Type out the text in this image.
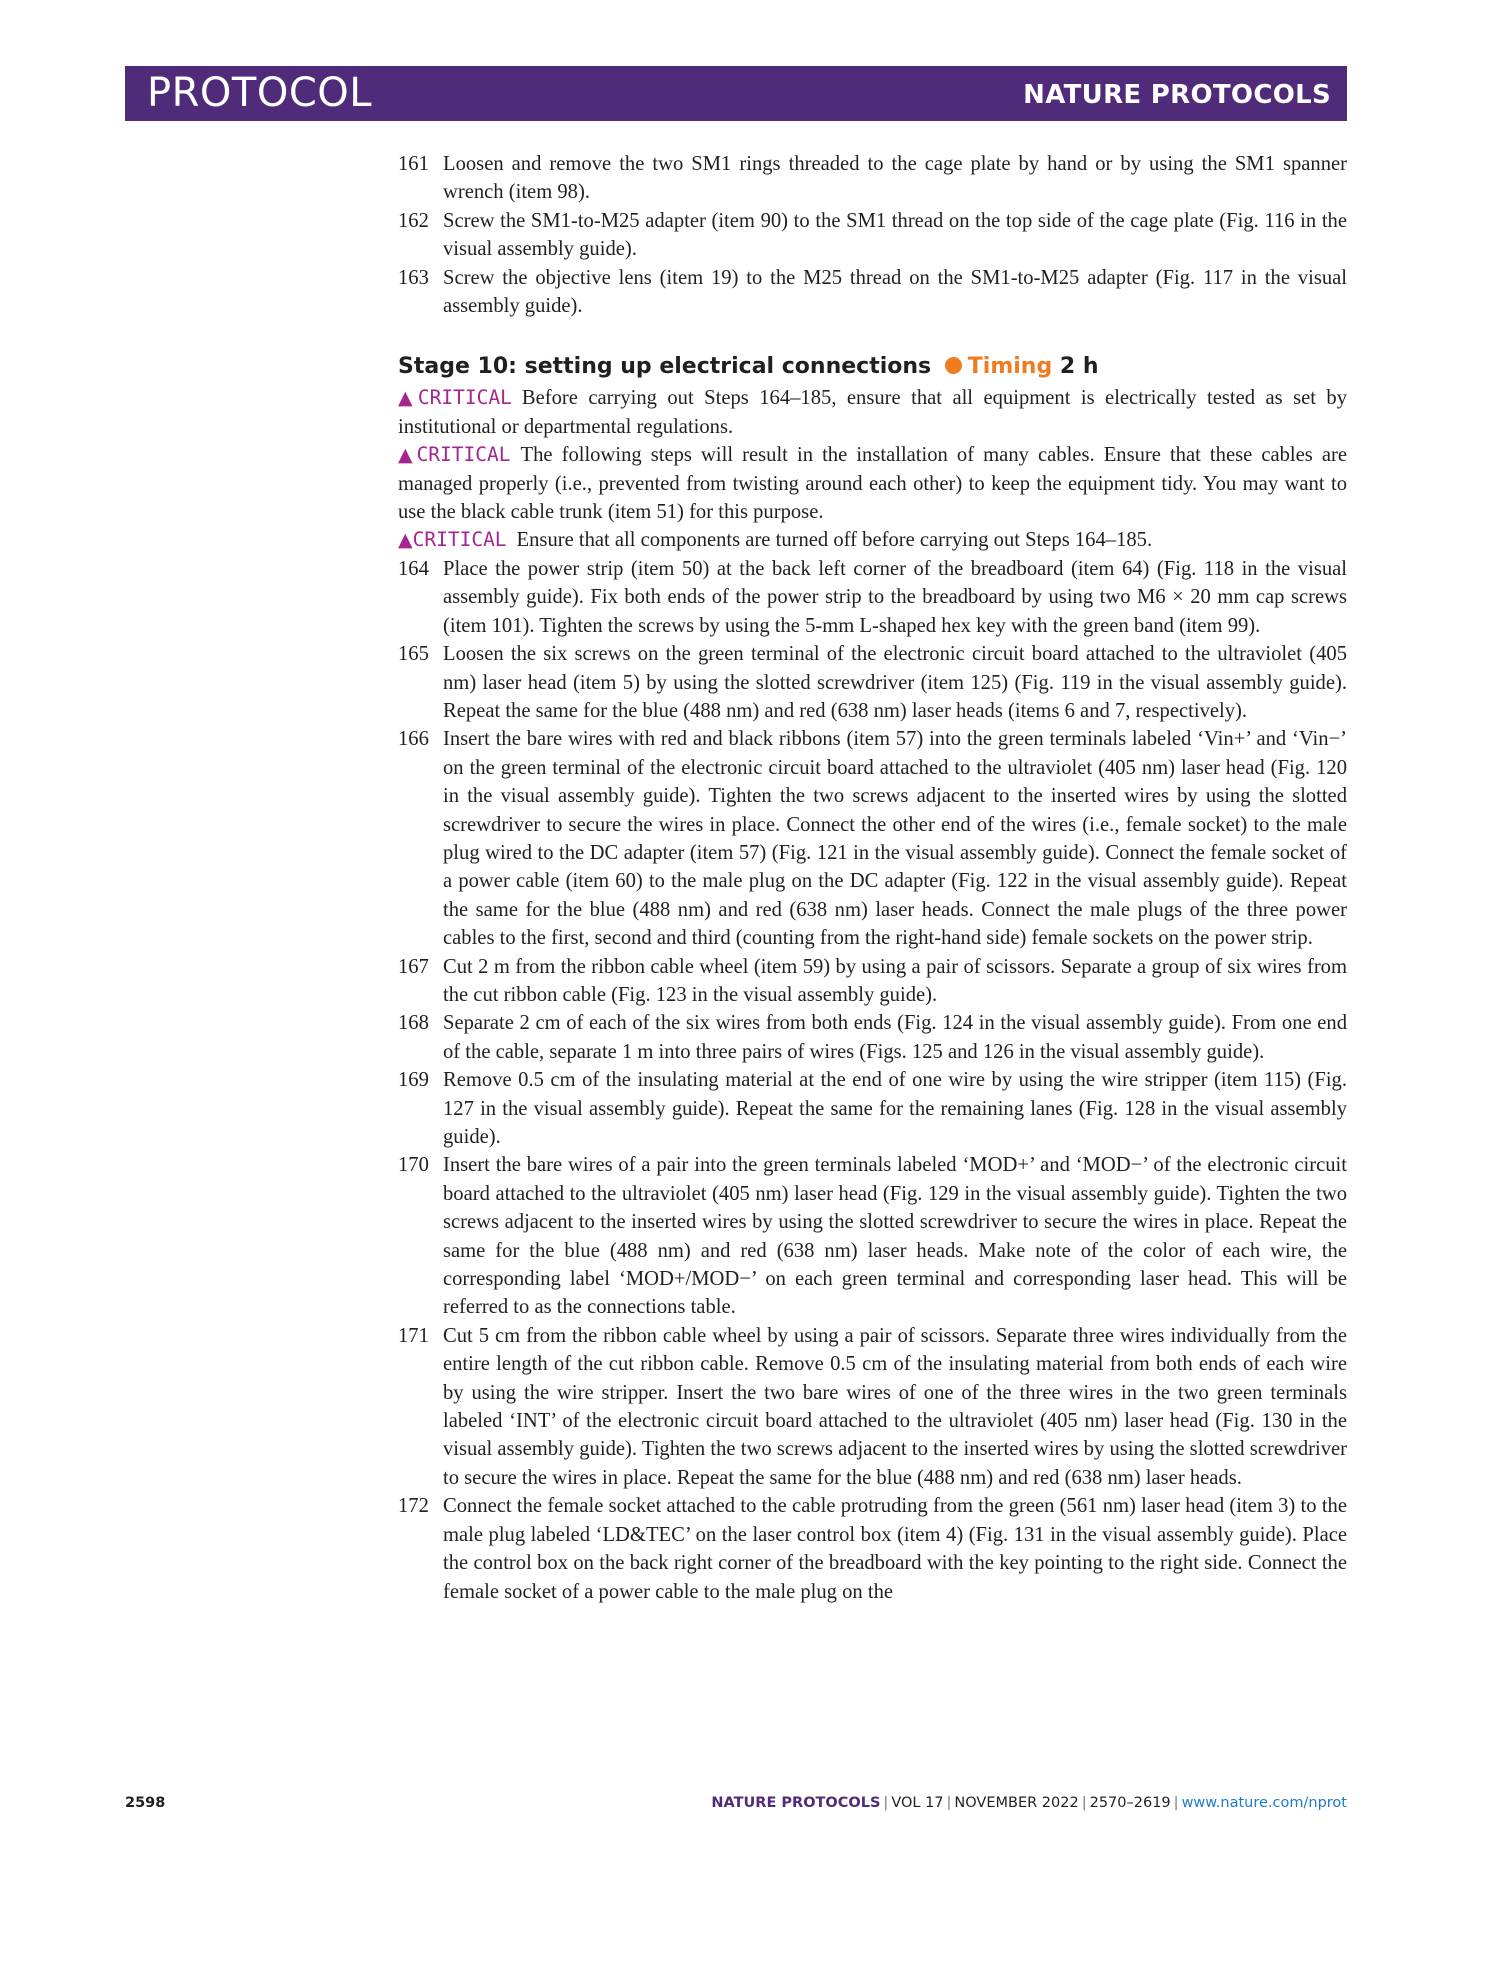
PROTOCOL	NATURE PROTOCOLS
161 Loosen and remove the two SM1 rings threaded to the cage plate by hand or by using the SM1 spanner wrench (item 98).
162 Screw the SM1-to-M25 adapter (item 90) to the SM1 thread on the top side of the cage plate (Fig. 116 in the visual assembly guide).
163 Screw the objective lens (item 19) to the M25 thread on the SM1-to-M25 adapter (Fig. 117 in the visual assembly guide).
Stage 10: setting up electrical connections Timing 2 h
▲CRITICAL Before carrying out Steps 164–185, ensure that all equipment is electrically tested as set by institutional or departmental regulations.
▲CRITICAL The following steps will result in the installation of many cables. Ensure that these cables are managed properly (i.e., prevented from twisting around each other) to keep the equipment tidy. You may want to use the black cable trunk (item 51) for this purpose.
▲CRITICAL Ensure that all components are turned off before carrying out Steps 164–185.
164 Place the power strip (item 50) at the back left corner of the breadboard (item 64) (Fig. 118 in the visual assembly guide). Fix both ends of the power strip to the breadboard by using two M6 × 20 mm cap screws (item 101). Tighten the screws by using the 5-mm L-shaped hex key with the green band (item 99).
165 Loosen the six screws on the green terminal of the electronic circuit board attached to the ultraviolet (405 nm) laser head (item 5) by using the slotted screwdriver (item 125) (Fig. 119 in the visual assembly guide). Repeat the same for the blue (488 nm) and red (638 nm) laser heads (items 6 and 7, respectively).
166 Insert the bare wires with red and black ribbons (item 57) into the green terminals labeled ‘Vin+’ and ‘Vin−’ on the green terminal of the electronic circuit board attached to the ultraviolet (405 nm) laser head (Fig. 120 in the visual assembly guide). Tighten the two screws adjacent to the inserted wires by using the slotted screwdriver to secure the wires in place. Connect the other end of the wires (i.e., female socket) to the male plug wired to the DC adapter (item 57) (Fig. 121 in the visual assembly guide). Connect the female socket of a power cable (item 60) to the male plug on the DC adapter (Fig. 122 in the visual assembly guide). Repeat the same for the blue (488 nm) and red (638 nm) laser heads. Connect the male plugs of the three power cables to the first, second and third (counting from the right-hand side) female sockets on the power strip.
167 Cut 2 m from the ribbon cable wheel (item 59) by using a pair of scissors. Separate a group of six wires from the cut ribbon cable (Fig. 123 in the visual assembly guide).
168 Separate 2 cm of each of the six wires from both ends (Fig. 124 in the visual assembly guide). From one end of the cable, separate 1 m into three pairs of wires (Figs. 125 and 126 in the visual assembly guide).
169 Remove 0.5 cm of the insulating material at the end of one wire by using the wire stripper (item 115) (Fig. 127 in the visual assembly guide). Repeat the same for the remaining lanes (Fig. 128 in the visual assembly guide).
170 Insert the bare wires of a pair into the green terminals labeled ‘MOD+’ and ‘MOD−’ of the electronic circuit board attached to the ultraviolet (405 nm) laser head (Fig. 129 in the visual assembly guide). Tighten the two screws adjacent to the inserted wires by using the slotted screwdriver to secure the wires in place. Repeat the same for the blue (488 nm) and red (638 nm) laser heads. Make note of the color of each wire, the corresponding label ‘MOD+/MOD−’ on each green terminal and corresponding laser head. This will be referred to as the connections table.
171 Cut 5 cm from the ribbon cable wheel by using a pair of scissors. Separate three wires individually from the entire length of the cut ribbon cable. Remove 0.5 cm of the insulating material from both ends of each wire by using the wire stripper. Insert the two bare wires of one of the three wires in the two green terminals labeled ‘INT’ of the electronic circuit board attached to the ultraviolet (405 nm) laser head (Fig. 130 in the visual assembly guide). Tighten the two screws adjacent to the inserted wires by using the slotted screwdriver to secure the wires in place. Repeat the same for the blue (488 nm) and red (638 nm) laser heads.
172 Connect the female socket attached to the cable protruding from the green (561 nm) laser head (item 3) to the male plug labeled ‘LD&TEC’ on the laser control box (item 4) (Fig. 131 in the visual assembly guide). Place the control box on the back right corner of the breadboard with the key pointing to the right side. Connect the female socket of a power cable to the male plug on the
2598	NATURE PROTOCOLS | VOL 17 | NOVEMBER 2022 | 2570–2619 | www.nature.com/nprot
